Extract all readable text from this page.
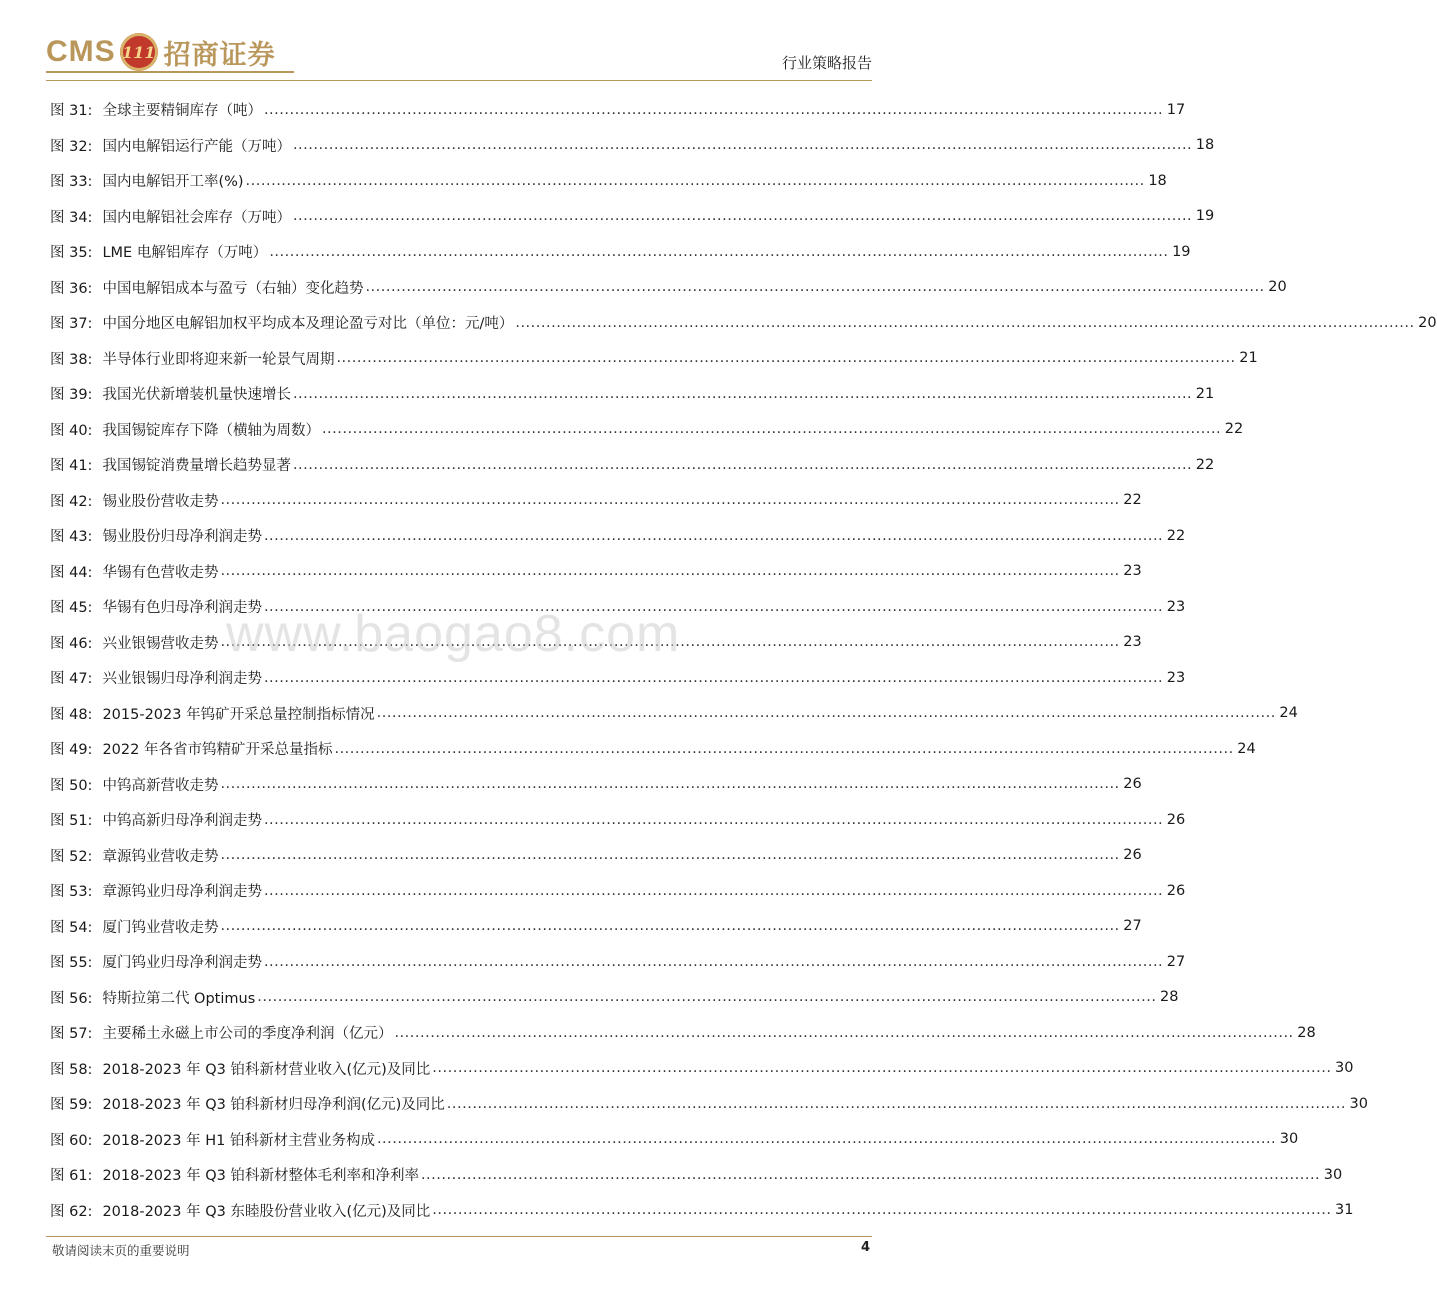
CMS 111 招商证券	行业策略报告
图 31: 全球主要精铜库存（吨） .....	17
图 32: 国内电解铝运行产能（万吨） .....	18
图 33: 国内电解铝开工率(%) .....	18
图 34: 国内电解铝社会库存（万吨） .....	19
图 35: LME 电解铝库存（万吨） .....	19
图 36: 中国电解铝成本与盈亏（右轴）变化趋势 .....	20
图 37: 中国分地区电解铝加权平均成本及理论盈亏对比（单位：元/吨） .....	20
图 38: 半导体行业即将迎来新一轮景气周期 .....	21
图 39: 我国光伏新增装机量快速增长 .....	21
图 40: 我国锡锭库存下降（横轴为周数） .....	22
图 41: 我国锡锭消费量增长趋势显著 .....	22
图 42: 锡业股份营收走势 .....	22
图 43: 锡业股份归母净利润走势 .....	22
图 44: 华锡有色营收走势 .....	23
图 45: 华锡有色归母净利润走势 .....	23
图 46: 兴业银锡营收走势 .....	23
图 47: 兴业银锡归母净利润走势 .....	23
图 48: 2015-2023 年钨矿开采总量控制指标情况 .....	24
图 49: 2022 年各省市钨精矿开采总量指标 .....	24
图 50: 中钨高新营收走势 .....	26
图 51: 中钨高新归母净利润走势 .....	26
图 52: 章源钨业营收走势 .....	26
图 53: 章源钨业归母净利润走势 .....	26
图 54: 厦门钨业营收走势 .....	27
图 55: 厦门钨业归母净利润走势 .....	27
图 56: 特斯拉第二代 Optimus .....	28
图 57: 主要稀土永磁上市公司的季度净利润（亿元） .....	28
图 58: 2018-2023 年 Q3 铂科新材营业收入(亿元)及同比 .....	30
图 59: 2018-2023 年 Q3 铂科新材归母净利润(亿元)及同比 .....	30
图 60: 2018-2023 年 H1 铂科新材主营业务构成 .....	30
图 61: 2018-2023 年 Q3 铂科新材整体毛利率和净利率 .....	30
图 62: 2018-2023 年 Q3 东睦股份营业收入(亿元)及同比 .....	31
www.baogao8.com
敬请阅读末页的重要说明	4
